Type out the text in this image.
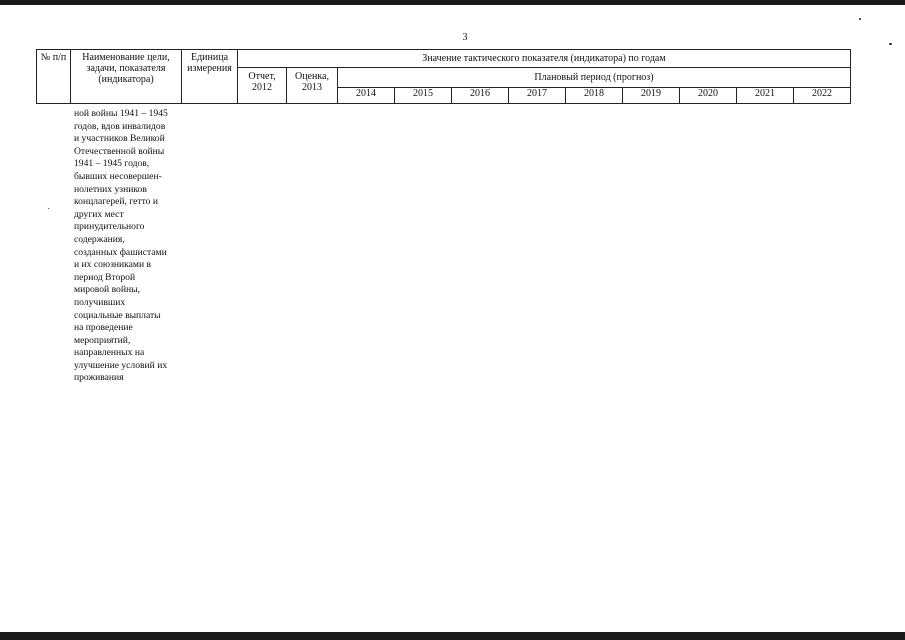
3
№ п/п	Наименование цели, задачи, показателя (индикатора)	Единица измерения	Значение тактического показателя (индикатора) по годам										
			Отчет, 2012	Оценка, 2013	Плановый период (прогноз)								
					2014	2015	2016	2017	2018	2019	2020	2021	2022
ной войны 1941 – 1945
годов, вдов инвалидов
и участников Великой
Отечественной войны
1941 – 1945 годов,
бывших несовершен-
нолетних узников
концлагерей, гетто и
других мест
принудительного
содержания,
созданных фашистами
и их союзниками в
период Второй
мировой войны,
получивших
социальные выплаты
на проведение
мероприятий,
направленных на
улучшение условий их
проживания
